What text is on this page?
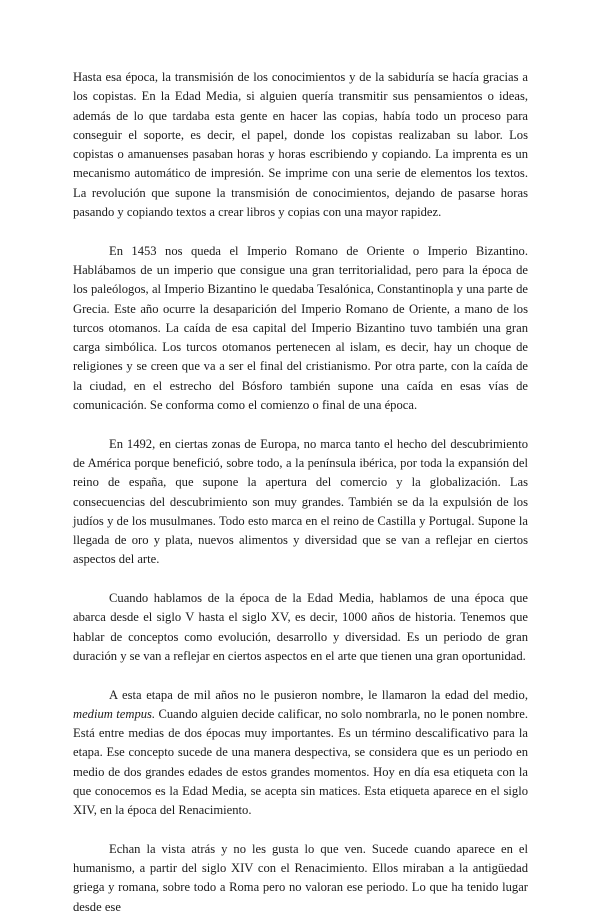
Hasta esa época, la transmisión de los conocimientos y de la sabiduría se hacía gracias a los copistas. En la Edad Media, si alguien quería transmitir sus pensamientos o ideas, además de lo que tardaba esta gente en hacer las copias, había todo un proceso para conseguir el soporte, es decir, el papel, donde los copistas realizaban su labor. Los copistas o amanuenses pasaban horas y horas escribiendo y copiando. La imprenta es un mecanismo automático de impresión. Se imprime con una serie de elementos los textos. La revolución que supone la transmisión de conocimientos, dejando de pasarse horas pasando y copiando textos a crear libros y copias con una mayor rapidez.

En 1453 nos queda el Imperio Romano de Oriente o Imperio Bizantino. Hablábamos de un imperio que consigue una gran territorialidad, pero para la época de los paleólogos, al Imperio Bizantino le quedaba Tesalónica, Constantinopla y una parte de Grecia. Este año ocurre la desaparición del Imperio Romano de Oriente, a mano de los turcos otomanos. La caída de esa capital del Imperio Bizantino tuvo también una gran carga simbólica. Los turcos otomanos pertenecen al islam, es decir, hay un choque de religiones y se creen que va a ser el final del cristianismo. Por otra parte, con la caída de la ciudad, en el estrecho del Bósforo también supone una caída en esas vías de comunicación. Se conforma como el comienzo o final de una época.

En 1492, en ciertas zonas de Europa, no marca tanto el hecho del descubrimiento de América porque benefició, sobre todo, a la península ibérica, por toda la expansión del reino de españa, que supone la apertura del comercio y la globalización. Las consecuencias del descubrimiento son muy grandes. También se da la expulsión de los judíos y de los musulmanes. Todo esto marca en el reino de Castilla y Portugal. Supone la llegada de oro y plata, nuevos alimentos y diversidad que se van a reflejar en ciertos aspectos del arte.

Cuando hablamos de la época de la Edad Media, hablamos de una época que abarca desde el siglo V hasta el siglo XV, es decir, 1000 años de historia. Tenemos que hablar de conceptos como evolución, desarrollo y diversidad. Es un periodo de gran duración y se van a reflejar en ciertos aspectos en el arte que tienen una gran oportunidad.

A esta etapa de mil años no le pusieron nombre, le llamaron la edad del medio, medium tempus. Cuando alguien decide calificar, no solo nombrarla, no le ponen nombre. Está entre medias de dos épocas muy importantes. Es un término descalificativo para la etapa. Ese concepto sucede de una manera despectiva, se considera que es un periodo en medio de dos grandes edades de estos grandes momentos. Hoy en día esa etiqueta con la que conocemos es la Edad Media, se acepta sin matices. Esta etiqueta aparece en el siglo XIV, en la época del Renacimiento.

Echan la vista atrás y no les gusta lo que ven. Sucede cuando aparece en el humanismo, a partir del siglo XIV con el Renacimiento. Ellos miraban a la antigüedad griega y romana, sobre todo a Roma pero no valoran ese periodo. Lo que ha tenido lugar desde ese
